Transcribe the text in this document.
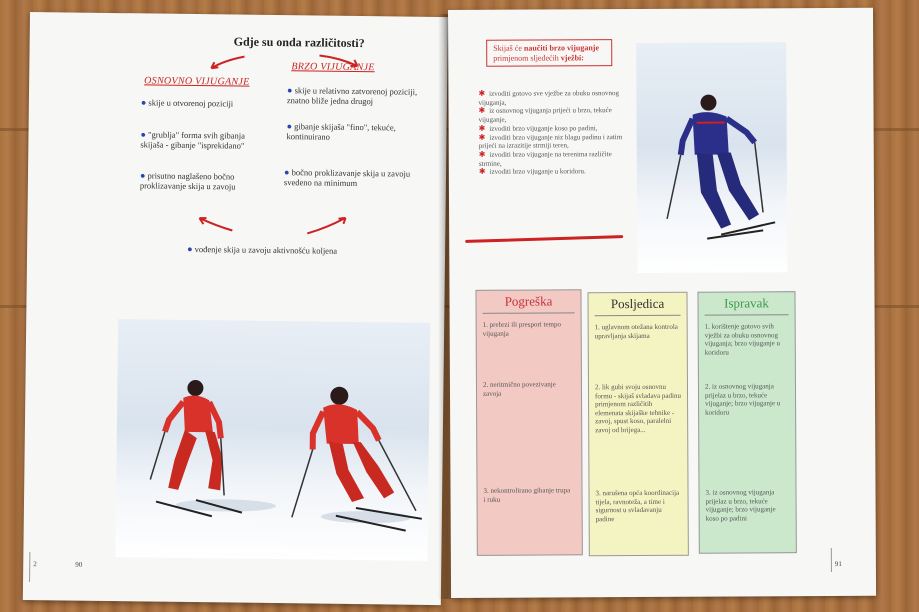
Gdje su onda različitosti?
OSNOVNO VIJUGANJE
BRZO VIJUGANJE
● skije u otvorenoj poziciji
● "grublja" forma svih gibanja skijaša - gibanje "isprekidano"
● prisutno naglašeno bočno proklizavanje skija u zavoju
● skije u relativno zatvorenoj poziciji, znatno bliže jedna drugoj
● gibanje skijaša "fino", tekuće, kontinuirano
● bočno proklizavanje skija u zavoju svedeno na minimum
● vođenje skija u zavoju aktivnošću koljena
2	90
Skijaš će naučiti brzo vijuganje primjenom sljedećih vježbi:
✱ izvoditi gotovo sve vježbe za obuku osnovnog vijuganja,
✱ iz osnovnog vijuganja prijeći u brzo, tekuće vijuganje,
✱ izvoditi brzo vijuganje koso po padini,
✱ izvoditi brzo vijuganje niz blagu padinu i zatim prijeći na izrazitije strmiji teren,
✱ izvoditi brzo vijuganje na terenima različite strmine,
✱ izvoditi brzo vijuganje u koridoru.
Pogreška
1. prebrzi ili prespori tempo vijuganja
2. neritmično povezivanje zavoja
3. nekontrolirano gibanje trupa i ruku
Posljedica
1. uglavnom otežana kontrola upravljanja skijama
2. lik gubi svoju osnovnu formu - skijaš svladava padinu primjenom različitih elemenata skijaške tehnike - zavoj, spust koso, paralelni zavoj od brijega...
3. narušena opća koordinacija tijela, ravnoteža, a time i sigurnost u svladavanju padine
Ispravak
1. korištenje gotovo svih vježbi za obuku osnovnog vijuganja; brzo vijuganje u koridoru
2. iz osnovnog vijuganja prijelaz u brzo, tekuće vijuganje; brzo vijuganje u koridoru
3. iz osnovnog vijuganja prijelaz u brzo, tekuće vijuganje; brzo vijuganje koso po padini
91
